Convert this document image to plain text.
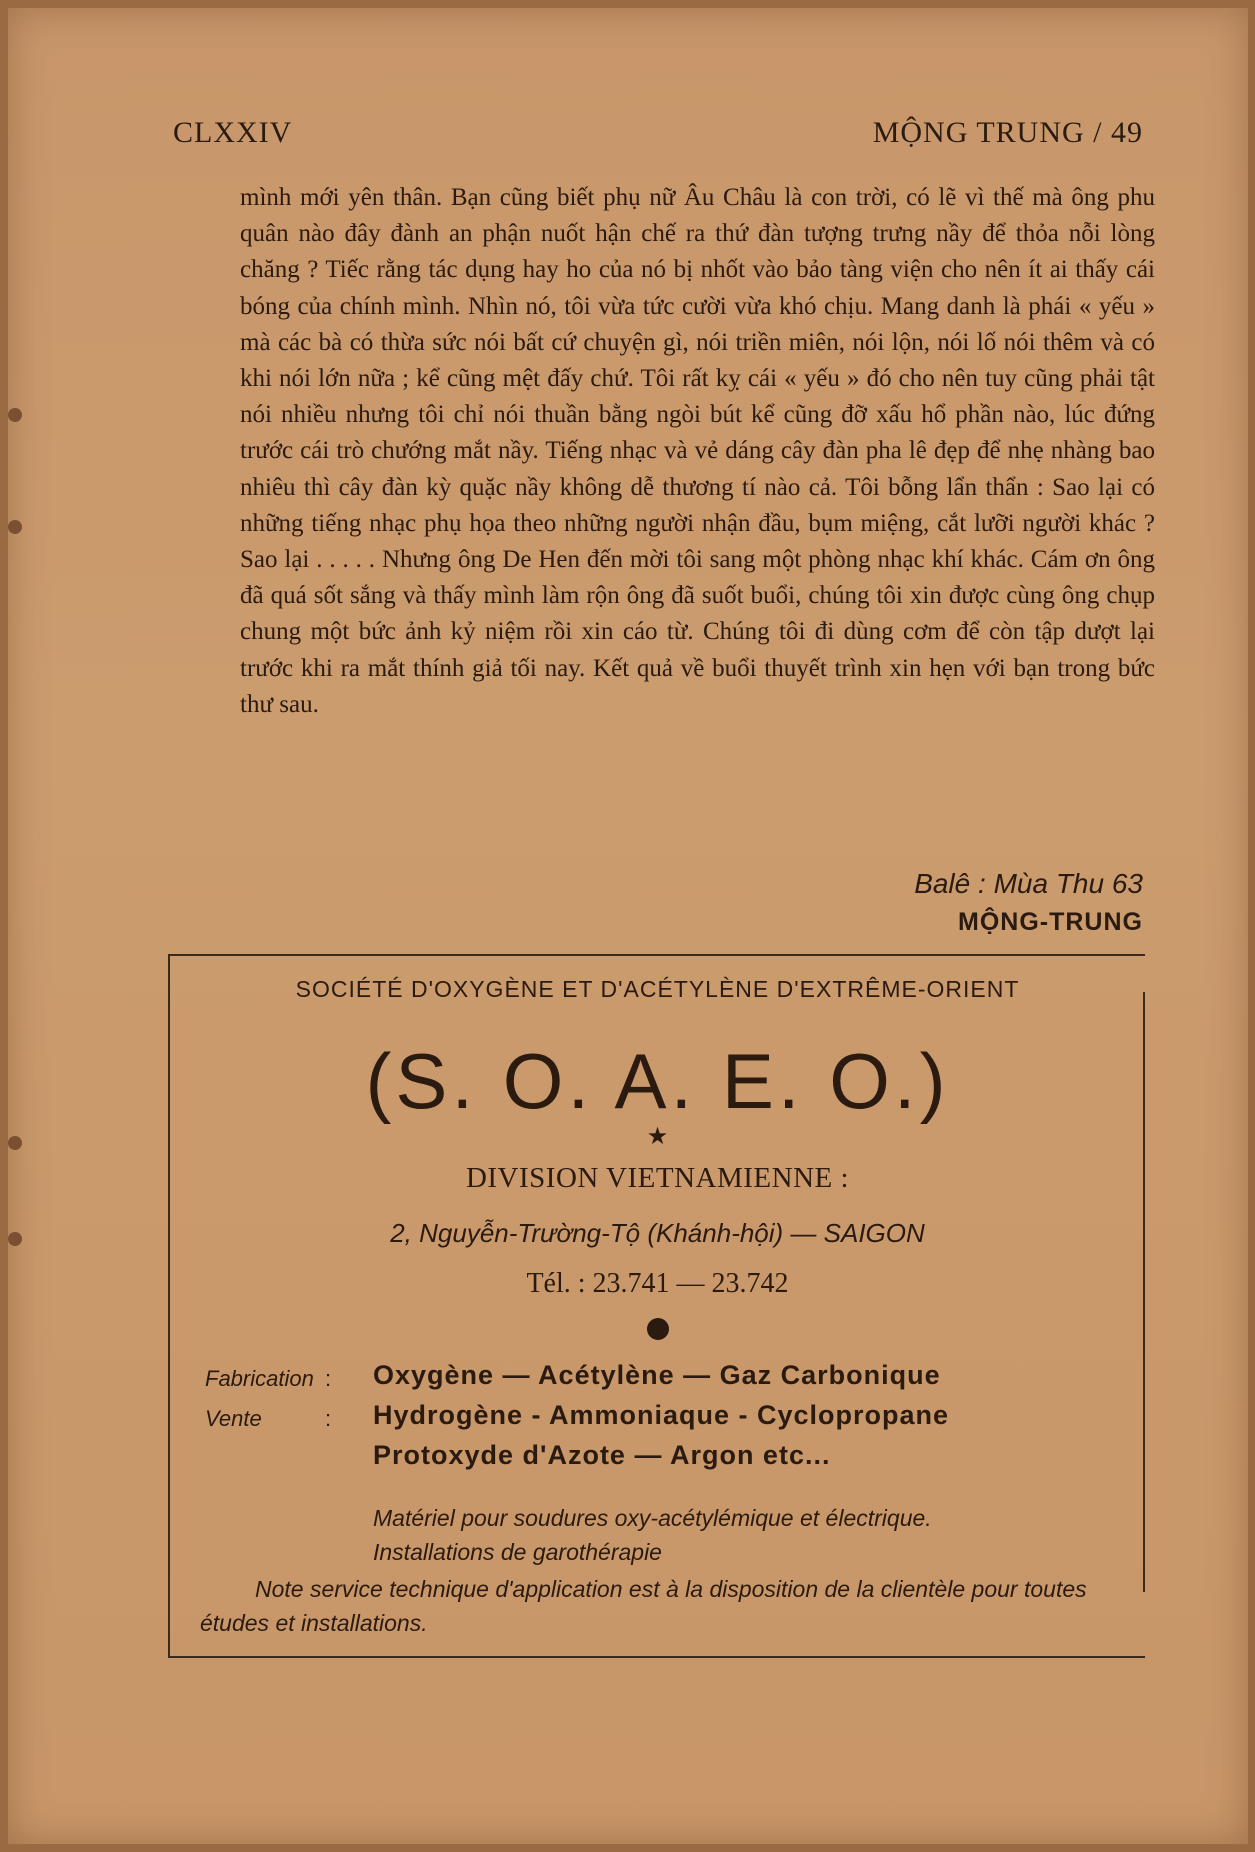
CLXXIV	MỘNG TRUNG / 49

mình mới yên thân. Bạn cũng biết phụ nữ Âu Châu là con trời, có lẽ vì thế mà ông phu quân nào đây đành an phận nuốt hận chế ra thứ đàn tượng trưng nầy để thỏa nỗi lòng chăng ? Tiếc rằng tác dụng hay ho của nó bị nhốt vào bảo tàng viện cho nên ít ai thấy cái bóng của chính mình. Nhìn nó, tôi vừa tức cười vừa khó chịu. Mang danh là phái « yếu » mà các bà có thừa sức nói bất cứ chuyện gì, nói triền miên, nói lộn, nói lố nói thêm và có khi nói lớn nữa ; kể cũng mệt đấy chứ. Tôi rất kỵ cái « yếu » đó cho nên tuy cũng phải tật nói nhiều nhưng tôi chỉ nói thuần bằng ngòi bút kể cũng đỡ xấu hổ phần nào, lúc đứng trước cái trò chướng mắt nầy. Tiếng nhạc và vẻ dáng cây đàn pha lê đẹp để nhẹ nhàng bao nhiêu thì cây đàn kỳ quặc nầy không dễ thương tí nào cả. Tôi bỗng lẩn thẩn : Sao lại có những tiếng nhạc phụ họa theo những người nhận đầu, bụm miệng, cắt lưỡi người khác ? Sao lại . . . . . Nhưng ông De Hen đến mời tôi sang một phòng nhạc khí khác. Cám ơn ông đã quá sốt sắng và thấy mình làm rộn ông đã suốt buổi, chúng tôi xin được cùng ông chụp chung một bức ảnh kỷ niệm rồi xin cáo từ. Chúng tôi đi dùng cơm để còn tập dượt lại trước khi ra mắt thính giả tối nay. Kết quả về buổi thuyết trình xin hẹn với bạn trong bức thư sau.

Balê : Mùa Thu 63
MỘNG-TRUNG
SOCIÉTÉ D'OXYGÈNE ET D'ACÉTYLÈNE D'EXTRÊME-ORIENT
(S. O. A. E. O.)
★
DIVISION VIETNAMIENNE :
2, Nguyễn-Trường-Tộ (Khánh-hội) — SAIGON
Tél. : 23.741 — 23.742
Fabrication : Oxygène — Acétylène — Gaz Carbonique
Vente	: Hydrogène - Ammoniaque - Cyclopropane
Protoxyde d'Azote — Argon etc...
Matériel pour soudures oxy-acétylémique et électrique.
Installations de garothérapie
Note service technique d'application est à la disposition de la clientèle pour toutes études et installations.
